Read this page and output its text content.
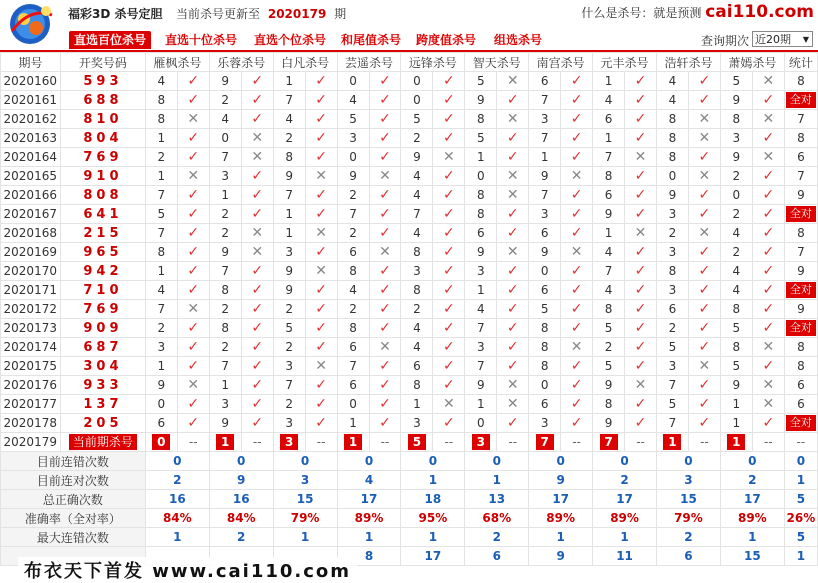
福彩3D 杀号定胆 当前杀号更新至 2020179 期	什么是杀号：就是预测 cai110.com
直选百位杀号	直选十位杀号 直选个位杀号 和尾值杀号 跨度值杀号 组选杀号	查询期次 近20期 ▼
期号	开奖号码	雁枫杀号		乐蓉杀号		白凡杀号		芸遥杀号		远锋杀号		智天杀号		南宫杀号		元丰杀号		浩轩杀号		萧嫣杀号		统计
2020160	593	4	✓	9	✓	1	✓	0	✓	0	✓	5	✕	6	✓	1	✓	4	✓	5	✕	8
2020161	688	8	✓	2	✓	7	✓	4	✓	0	✓	9	✓	7	✓	4	✓	4	✓	9	✓	全对
2020162	810	8	✕	4	✓	4	✓	5	✓	5	✓	8	✕	3	✓	6	✓	8	✕	8	✕	7
2020163	804	1	✓	0	✕	2	✓	3	✓	2	✓	5	✓	7	✓	1	✓	8	✕	3	✓	8
2020164	769	2	✓	7	✕	8	✓	0	✓	9	✕	1	✓	1	✓	7	✕	8	✓	9	✕	6
2020165	910	1	✕	3	✓	9	✕	9	✕	4	✓	0	✕	9	✕	8	✓	0	✕	2	✓	7
2020166	808	7	✓	1	✓	7	✓	2	✓	4	✓	8	✕	7	✓	6	✓	9	✓	0	✓	9
2020167	641	5	✓	2	✓	1	✓	7	✓	7	✓	8	✓	3	✓	9	✓	3	✓	2	✓	全对
2020168	215	7	✓	2	✕	1	✕	2	✓	4	✓	6	✓	6	✓	1	✕	2	✕	4	✓	8
2020169	965	8	✓	9	✕	3	✓	6	✕	8	✓	9	✕	9	✕	4	✓	3	✓	2	✓	7
2020170	942	1	✓	7	✓	9	✕	8	✓	3	✓	3	✓	0	✓	7	✓	8	✓	4	✓	9
2020171	710	4	✓	8	✓	9	✓	4	✓	8	✓	1	✓	6	✓	4	✓	3	✓	4	✓	全对
2020172	769	7	✕	2	✓	2	✓	2	✓	2	✓	4	✓	5	✓	8	✓	6	✓	8	✓	9
2020173	909	2	✓	8	✓	5	✓	8	✓	4	✓	7	✓	8	✓	5	✓	2	✓	5	✓	全对
2020174	687	3	✓	2	✓	2	✓	6	✕	4	✓	3	✓	8	✕	2	✓	5	✓	8	✕	8
2020175	304	1	✓	7	✓	3	✕	7	✓	6	✓	7	✓	8	✓	5	✓	3	✕	5	✓	8
2020176	933	9	✕	1	✓	7	✓	6	✓	8	✓	9	✕	0	✓	9	✕	7	✓	9	✕	6
2020177	137	0	✓	3	✓	2	✓	0	✓	1	✕	1	✕	6	✓	8	✓	5	✓	1	✕	6
2020178	205	6	✓	9	✓	3	✓	1	✓	3	✓	0	✓	3	✓	9	✓	7	✓	1	✓	全对
2020179	当前期杀号	0	--	1	--	3	--	1	--	5	--	3	--	7	--	7	--	1	--	1	--	--
目前连错次数		0		0		0		0		0		0		0		0		0		0		0
目前连对次数		2		9		3		4		1		1		9		2		3		2		1
总正确次数		16		16		15		17		18		13		17		17		15		17		5
准确率（全对率）		84%		84%		79%		89%		95%		68%		89%		89%		79%		89%		26%
最大连错次数		1		2		1		1		1		2		1		1		2		1		5
								8		17		6		9		11		6		15		1
布衣天下首发 www.cai110.com
